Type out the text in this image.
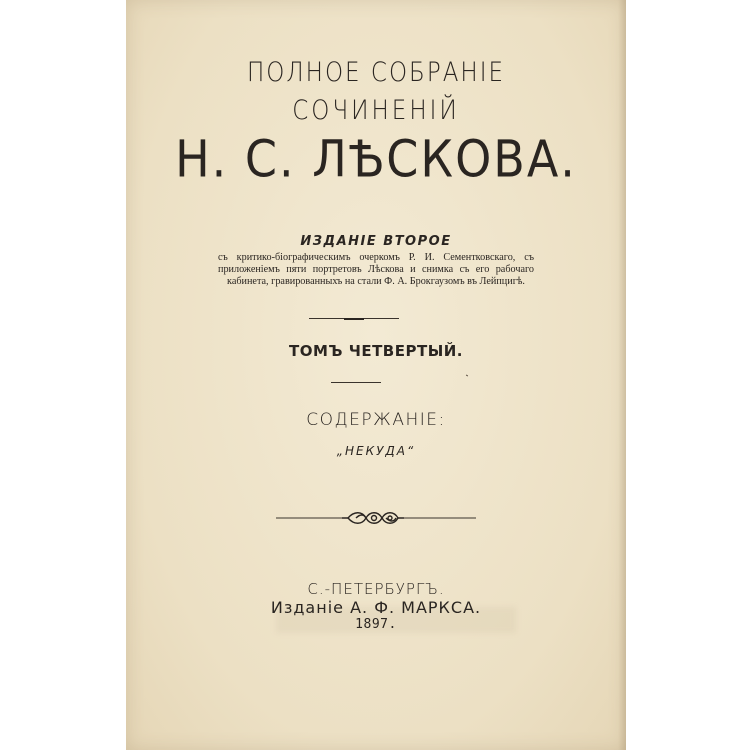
ПОЛНОЕ СОБРАНІЕ
СОЧИНЕНІЙ
Н. С. ЛѢСКОВА.
ИЗДАНІЕ ВТОРОЕ
съ критико-біографическимъ очеркомъ Р. И. Сементковскаго, съ приложеніемъ пяти портретовъ Лѣскова и снимка съ его рабочаго кабинета, гравированныхъ на стали Ф. А. Брокгаузомъ въ Лейпцигѣ.
ТОМЪ ЧЕТВЕРТЫЙ.
СОДЕРЖАНІЕ:
„НЕКУДА“
С.-ПЕТЕРБУРГЪ.
Изданіе А. Ф. МАРКСА.
1897.
